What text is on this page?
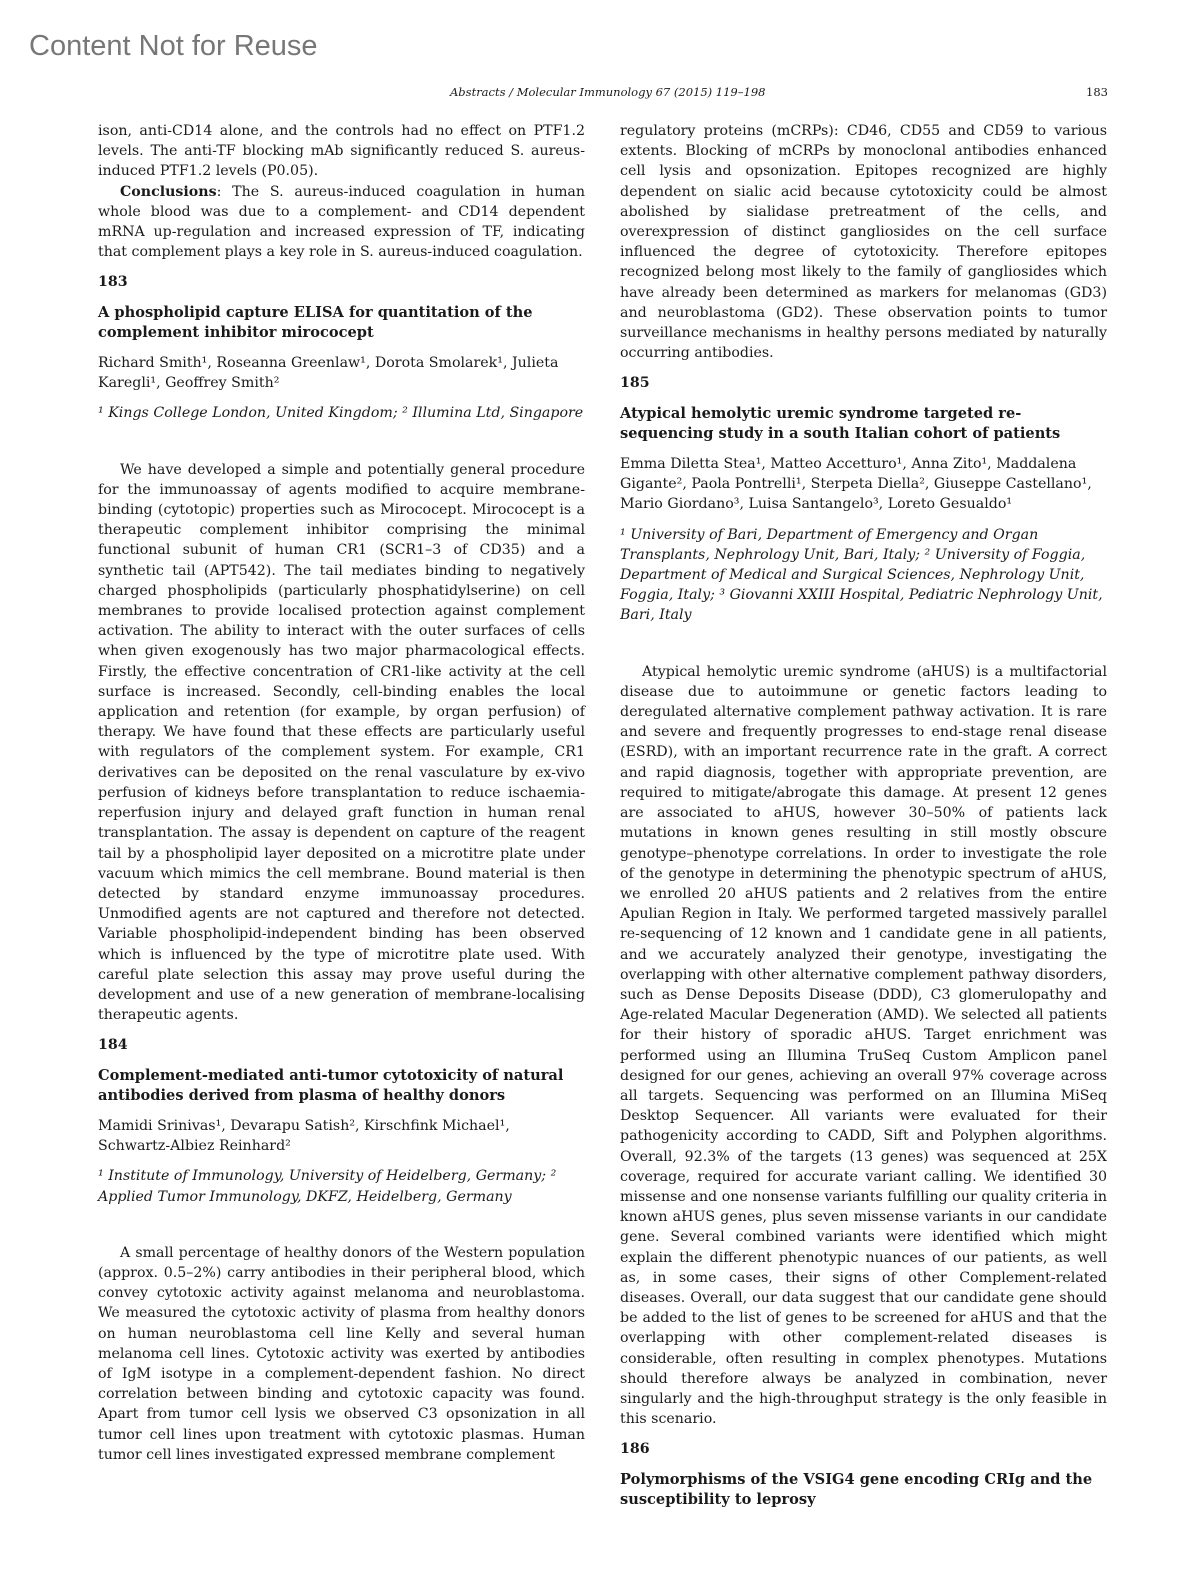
Content Not for Reuse
Abstracts / Molecular Immunology 67 (2015) 119–198	183

ison, anti-CD14 alone, and the controls had no effect on PTF1.2 levels. The anti-TF blocking mAb significantly reduced S. aureus-induced PTF1.2 levels (P0.05).

Conclusions: The S. aureus-induced coagulation in human whole blood was due to a complement- and CD14 dependent mRNA up-regulation and increased expression of TF, indicating that complement plays a key role in S. aureus-induced coagulation.

183
A phospholipid capture ELISA for quantitation of the complement inhibitor mirococept
Richard Smith¹, Roseanna Greenlaw¹, Dorota Smolarek¹, Julieta Karegli¹, Geoffrey Smith²
¹ Kings College London, United Kingdom; ² Illumina Ltd, Singapore

We have developed a simple and potentially general procedure for the immunoassay of agents modified to acquire membrane-binding (cytotopic) properties such as Mirococept. Mirococept is a therapeutic complement inhibitor comprising the minimal functional subunit of human CR1 (SCR1–3 of CD35) and a synthetic tail (APT542). The tail mediates binding to negatively charged phospholipids (particularly phosphatidylserine) on cell membranes to provide localised protection against complement activation. The ability to interact with the outer surfaces of cells when given exogenously has two major pharmacological effects. Firstly, the effective concentration of CR1-like activity at the cell surface is increased. Secondly, cell-binding enables the local application and retention (for example, by organ perfusion) of therapy. We have found that these effects are particularly useful with regulators of the complement system. For example, CR1 derivatives can be deposited on the renal vasculature by ex-vivo perfusion of kidneys before transplantation to reduce ischaemia-reperfusion injury and delayed graft function in human renal transplantation. The assay is dependent on capture of the reagent tail by a phospholipid layer deposited on a microtitre plate under vacuum which mimics the cell membrane. Bound material is then detected by standard enzyme immunoassay procedures. Unmodified agents are not captured and therefore not detected. Variable phospholipid-independent binding has been observed which is influenced by the type of microtitre plate used. With careful plate selection this assay may prove useful during the development and use of a new generation of membrane-localising therapeutic agents.

184
Complement-mediated anti-tumor cytotoxicity of natural antibodies derived from plasma of healthy donors
Mamidi Srinivas¹, Devarapu Satish², Kirschfink Michael¹, Schwartz-Albiez Reinhard²
¹ Institute of Immunology, University of Heidelberg, Germany; ² Applied Tumor Immunology, DKFZ, Heidelberg, Germany

A small percentage of healthy donors of the Western population (approx. 0.5–2%) carry antibodies in their peripheral blood, which convey cytotoxic activity against melanoma and neuroblastoma. We measured the cytotoxic activity of plasma from healthy donors on human neuroblastoma cell line Kelly and several human melanoma cell lines. Cytotoxic activity was exerted by antibodies of IgM isotype in a complement-dependent fashion. No direct correlation between binding and cytotoxic capacity was found. Apart from tumor cell lysis we observed C3 opsonization in all tumor cell lines upon treatment with cytotoxic plasmas. Human tumor cell lines investigated expressed membrane complement

regulatory proteins (mCRPs): CD46, CD55 and CD59 to various extents. Blocking of mCRPs by monoclonal antibodies enhanced cell lysis and opsonization. Epitopes recognized are highly dependent on sialic acid because cytotoxicity could be almost abolished by sialidase pretreatment of the cells, and overexpression of distinct gangliosides on the cell surface influenced the degree of cytotoxicity. Therefore epitopes recognized belong most likely to the family of gangliosides which have already been determined as markers for melanomas (GD3) and neuroblastoma (GD2). These observation points to tumor surveillance mechanisms in healthy persons mediated by naturally occurring antibodies.

185
Atypical hemolytic uremic syndrome targeted re-sequencing study in a south Italian cohort of patients
Emma Diletta Stea¹, Matteo Accetturo¹, Anna Zito¹, Maddalena Gigante², Paola Pontrelli¹, Sterpeta Diella², Giuseppe Castellano¹, Mario Giordano³, Luisa Santangelo³, Loreto Gesualdo¹
¹ University of Bari, Department of Emergency and Organ Transplants, Nephrology Unit, Bari, Italy; ² University of Foggia, Department of Medical and Surgical Sciences, Nephrology Unit, Foggia, Italy; ³ Giovanni XXIII Hospital, Pediatric Nephrology Unit, Bari, Italy

Atypical hemolytic uremic syndrome (aHUS) is a multifactorial disease due to autoimmune or genetic factors leading to deregulated alternative complement pathway activation. It is rare and severe and frequently progresses to end-stage renal disease (ESRD), with an important recurrence rate in the graft. A correct and rapid diagnosis, together with appropriate prevention, are required to mitigate/abrogate this damage. At present 12 genes are associated to aHUS, however 30–50% of patients lack mutations in known genes resulting in still mostly obscure genotype–phenotype correlations. In order to investigate the role of the genotype in determining the phenotypic spectrum of aHUS, we enrolled 20 aHUS patients and 2 relatives from the entire Apulian Region in Italy. We performed targeted massively parallel re-sequencing of 12 known and 1 candidate gene in all patients, and we accurately analyzed their genotype, investigating the overlapping with other alternative complement pathway disorders, such as Dense Deposits Disease (DDD), C3 glomerulopathy and Age-related Macular Degeneration (AMD). We selected all patients for their history of sporadic aHUS. Target enrichment was performed using an Illumina TruSeq Custom Amplicon panel designed for our genes, achieving an overall 97% coverage across all targets. Sequencing was performed on an Illumina MiSeq Desktop Sequencer. All variants were evaluated for their pathogenicity according to CADD, Sift and Polyphen algorithms. Overall, 92.3% of the targets (13 genes) was sequenced at 25X coverage, required for accurate variant calling. We identified 30 missense and one nonsense variants fulfilling our quality criteria in known aHUS genes, plus seven missense variants in our candidate gene. Several combined variants were identified which might explain the different phenotypic nuances of our patients, as well as, in some cases, their signs of other Complement-related diseases. Overall, our data suggest that our candidate gene should be added to the list of genes to be screened for aHUS and that the overlapping with other complement-related diseases is considerable, often resulting in complex phenotypes. Mutations should therefore always be analyzed in combination, never singularly and the high-throughput strategy is the only feasible in this scenario.

186
Polymorphisms of the VSIG4 gene encoding CRIg and the susceptibility to leprosy
